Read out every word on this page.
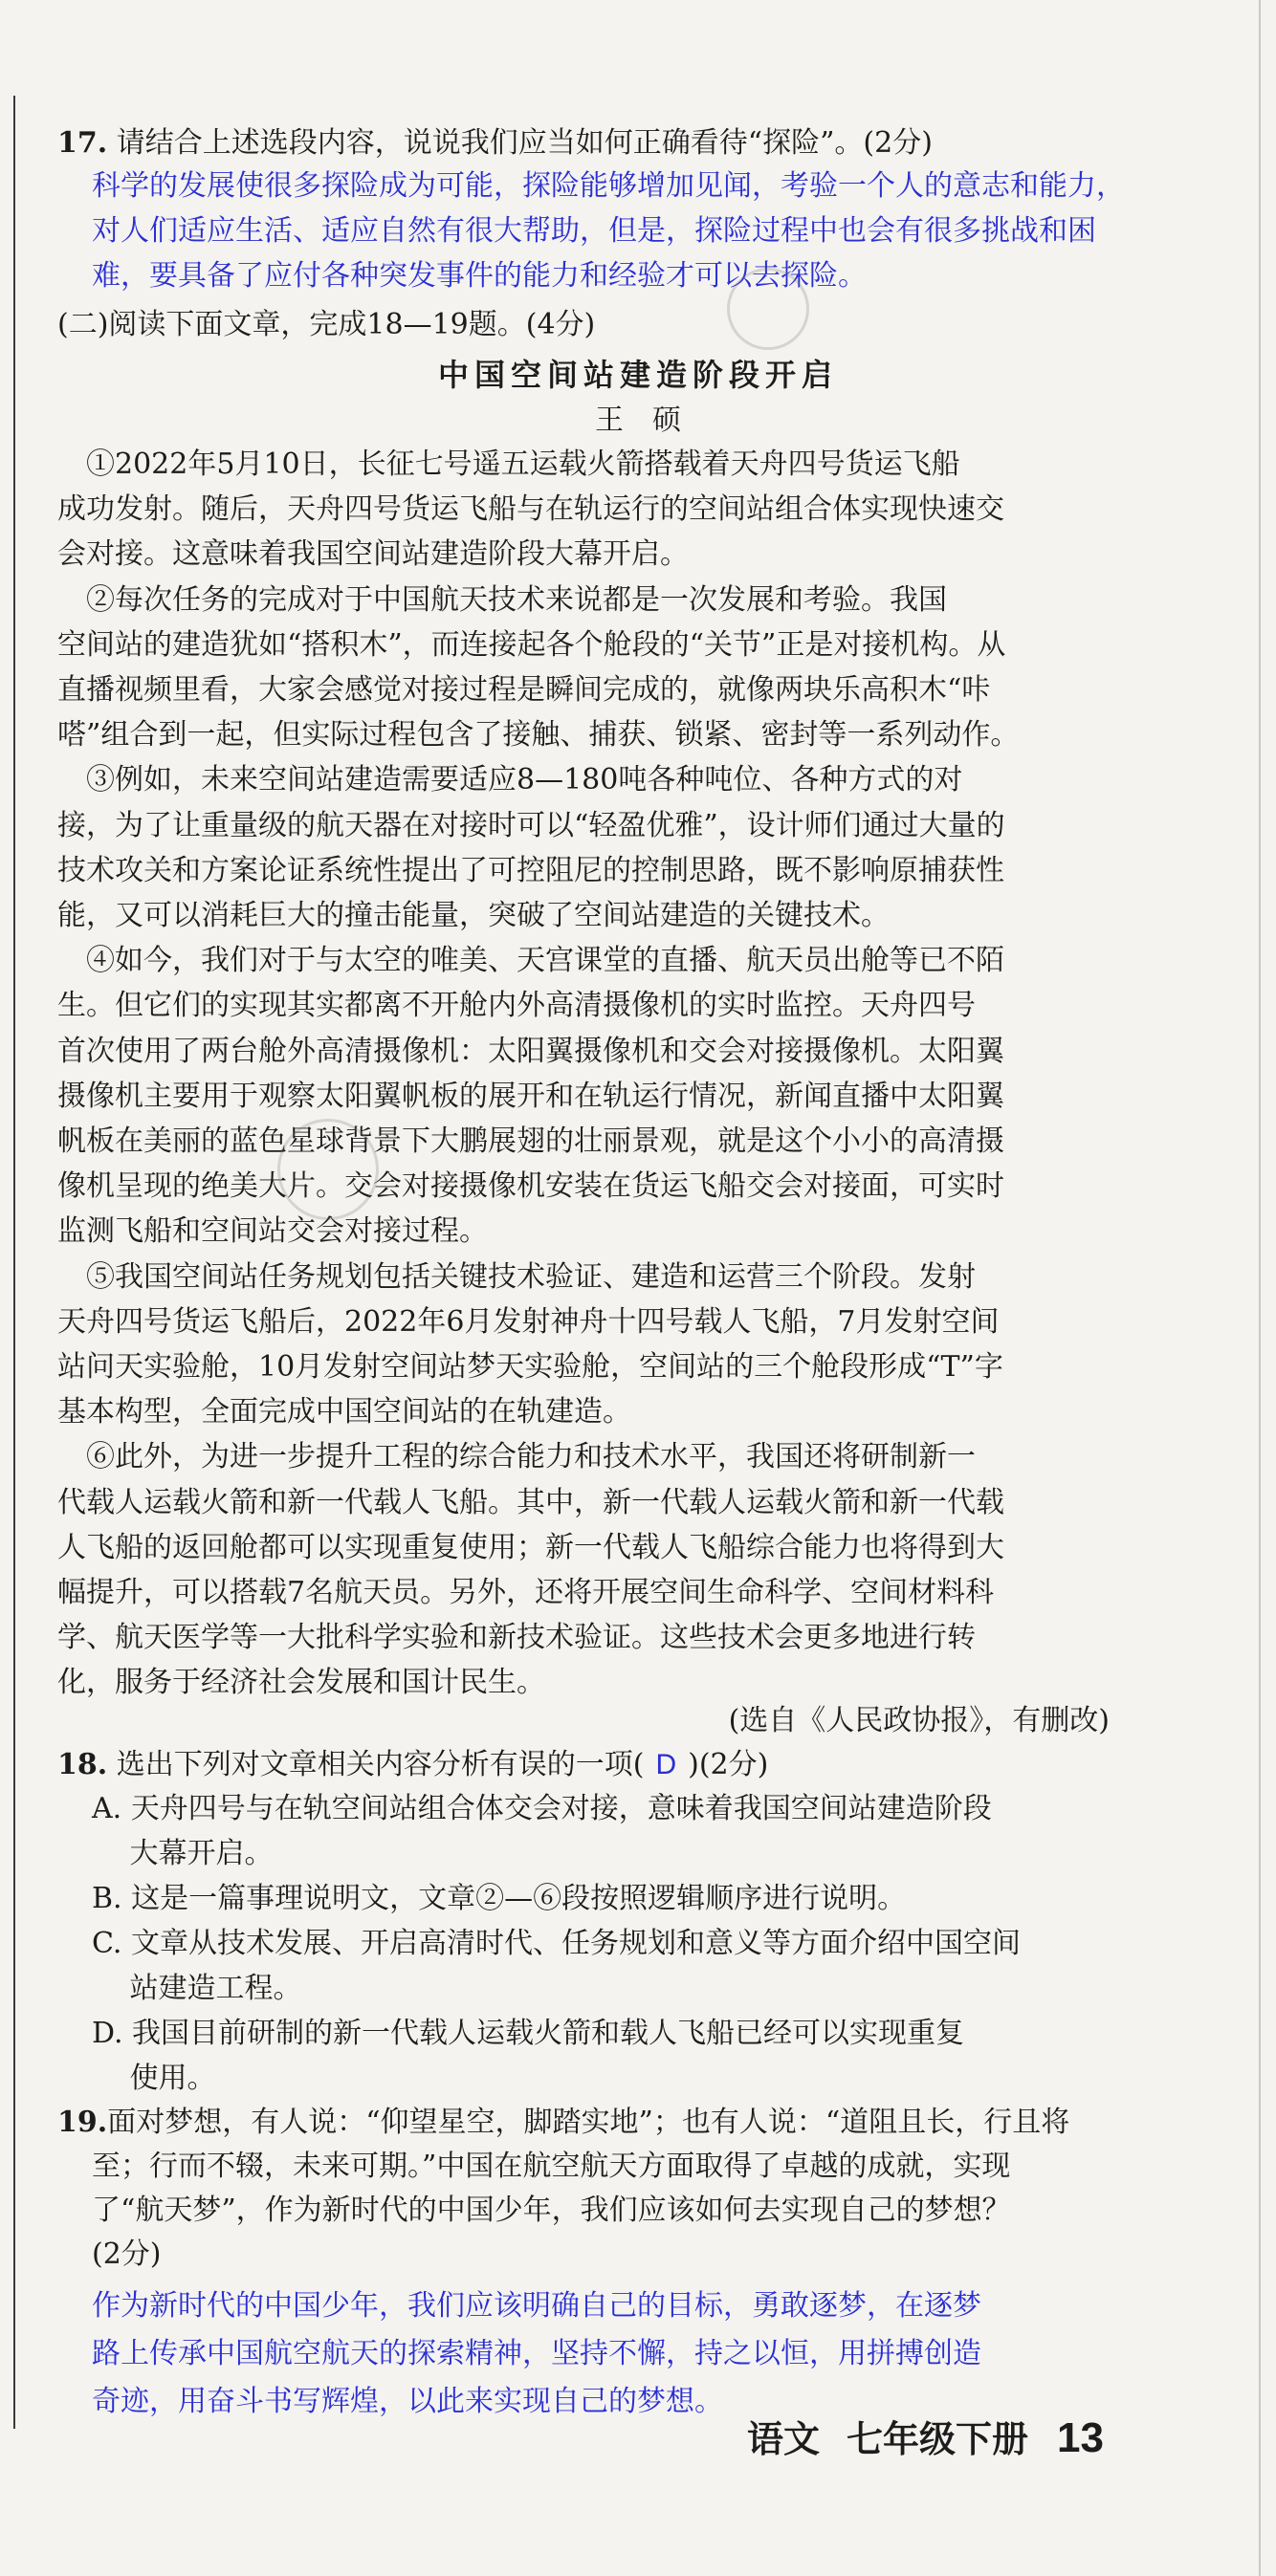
17. 请结合上述选段内容，说说我们应当如何正确看待“探险”。(2分)
科学的发展使很多探险成为可能，探险能够增加见闻，考验一个人的意志和能力，
对人们适应生活、适应自然有很大帮助，但是，探险过程中也会有很多挑战和困
难，要具备了应付各种突发事件的能力和经验才可以去探险。
(二)阅读下面文章，完成18—19题。(4分)
中国空间站建造阶段开启
王　硕
　①2022年5月10日，长征七号遥五运载火箭搭载着天舟四号货运飞船
成功发射。随后，天舟四号货运飞船与在轨运行的空间站组合体实现快速交
会对接。这意味着我国空间站建造阶段大幕开启。
　②每次任务的完成对于中国航天技术来说都是一次发展和考验。我国
空间站的建造犹如“搭积木”，而连接起各个舱段的“关节”正是对接机构。从
直播视频里看，大家会感觉对接过程是瞬间完成的，就像两块乐高积木“咔
嗒”组合到一起，但实际过程包含了接触、捕获、锁紧、密封等一系列动作。
　③例如，未来空间站建造需要适应8—180吨各种吨位、各种方式的对
接，为了让重量级的航天器在对接时可以“轻盈优雅”，设计师们通过大量的
技术攻关和方案论证系统性提出了可控阻尼的控制思路，既不影响原捕获性
能，又可以消耗巨大的撞击能量，突破了空间站建造的关键技术。
　④如今，我们对于与太空的唯美、天宫课堂的直播、航天员出舱等已不陌
生。但它们的实现其实都离不开舱内外高清摄像机的实时监控。天舟四号
首次使用了两台舱外高清摄像机：太阳翼摄像机和交会对接摄像机。太阳翼
摄像机主要用于观察太阳翼帆板的展开和在轨运行情况，新闻直播中太阳翼
帆板在美丽的蓝色星球背景下大鹏展翅的壮丽景观，就是这个小小的高清摄
像机呈现的绝美大片。交会对接摄像机安装在货运飞船交会对接面，可实时
监测飞船和空间站交会对接过程。
　⑤我国空间站任务规划包括关键技术验证、建造和运营三个阶段。发射
天舟四号货运飞船后，2022年6月发射神舟十四号载人飞船，7月发射空间
站问天实验舱，10月发射空间站梦天实验舱，空间站的三个舱段形成“T”字
基本构型，全面完成中国空间站的在轨建造。
　⑥此外，为进一步提升工程的综合能力和技术水平，我国还将研制新一
代载人运载火箭和新一代载人飞船。其中，新一代载人运载火箭和新一代载
人飞船的返回舱都可以实现重复使用；新一代载人飞船综合能力也将得到大
幅提升，可以搭载7名航天员。另外，还将开展空间生命科学、空间材料科
学、航天医学等一大批科学实验和新技术验证。这些技术会更多地进行转
化，服务于经济社会发展和国计民生。
(选自《人民政协报》，有删改)
18. 选出下列对文章相关内容分析有误的一项( D )(2分)
A. 天舟四号与在轨空间站组合体交会对接，意味着我国空间站建造阶段
　 大幕开启。
B. 这是一篇事理说明文，文章②—⑥段按照逻辑顺序进行说明。
C. 文章从技术发展、开启高清时代、任务规划和意义等方面介绍中国空间
　 站建造工程。
D. 我国目前研制的新一代载人运载火箭和载人飞船已经可以实现重复
　 使用。
19.面对梦想，有人说：“仰望星空，脚踏实地”；也有人说：“道阻且长，行且将
至；行而不辍，未来可期。”中国在航空航天方面取得了卓越的成就，实现
了“航天梦”，作为新时代的中国少年，我们应该如何去实现自己的梦想？
(2分)
作为新时代的中国少年，我们应该明确自己的目标，勇敢逐梦，在逐梦
路上传承中国航空航天的探索精神，坚持不懈，持之以恒，用拼搏创造
奇迹，用奋斗书写辉煌，以此来实现自己的梦想。
语文 七年级下册 13
